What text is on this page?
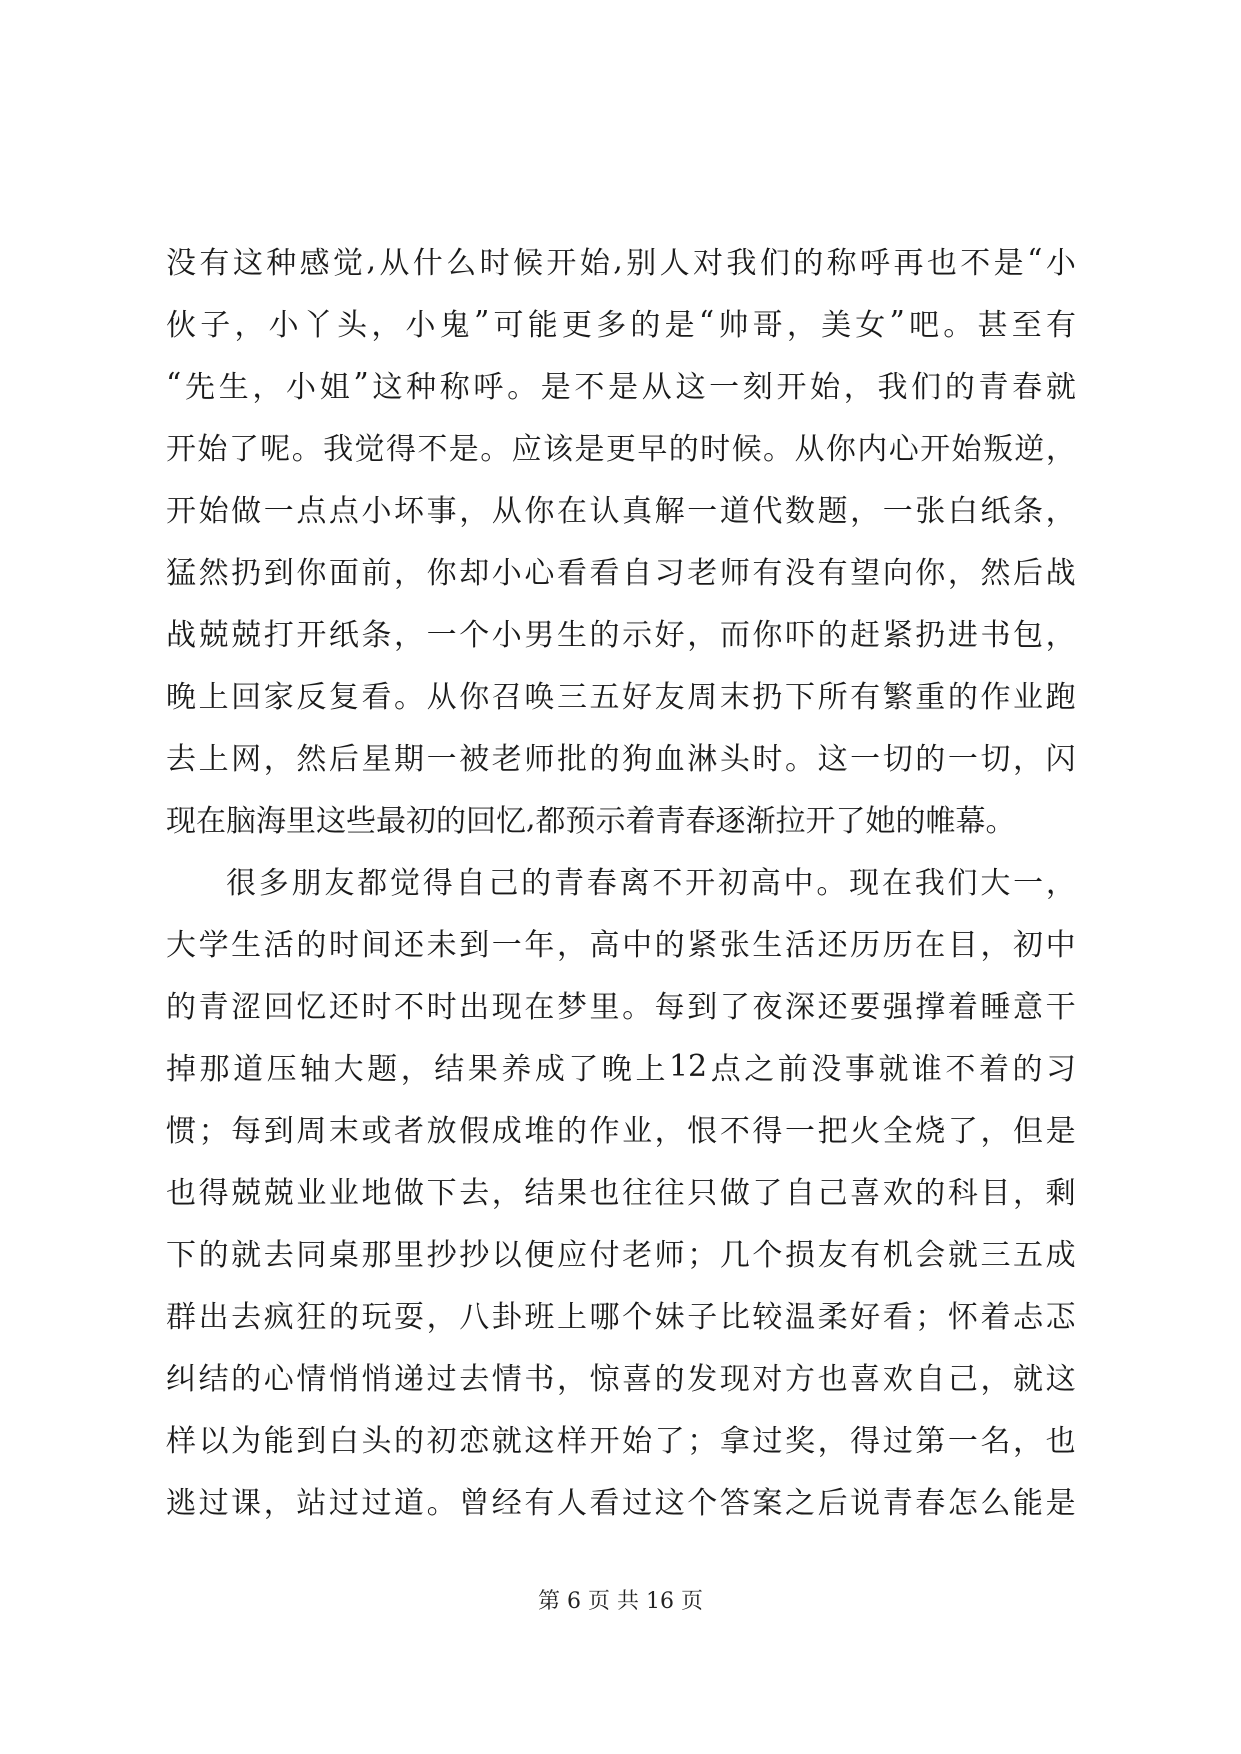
没 有 这 种 感 觉 , 从 什 么 时 候 开 始 , 别 人 对 我 们 的 称 呼 再 也 不 是 “ 小
伙 子 ， 小 丫 头 ， 小 鬼 ” 可 能 更 多 的 是 “ 帅 哥 ， 美 女 ” 吧 。 甚 至 有
“ 先 生 ， 小 姐 ” 这 种 称 呼 。 是 不 是 从 这 一 刻 开 始 ， 我 们 的 青 春 就
开 始 了 呢 。 我 觉 得 不 是 。 应 该 是 更 早 的 时 候 。 从 你 内 心 开 始 叛 逆 ，
开 始 做 一 点 点 小 坏 事 ， 从 你 在 认 真 解 一 道 代 数 题 ， 一 张 白 纸 条 ，
猛 然 扔 到 你 面 前 ， 你 却 小 心 看 看 自 习 老 师 有 没 有 望 向 你 ， 然 后 战
战 兢 兢 打 开 纸 条 ， 一 个 小 男 生 的 示 好 ， 而 你 吓 的 赶 紧 扔 进 书 包 ，
晚 上 回 家 反 复 看 。 从 你 召 唤 三 五 好 友 周 末 扔 下 所 有 繁 重 的 作 业 跑
去 上 网 ， 然 后 星 期 一 被 老 师 批 的 狗 血 淋 头 时 。 这 一 切 的 一 切 ， 闪
现 在 脑 海 里 这 些 最 初 的 回 忆 , 都 预 示 着 青 春 逐 渐 拉 开 了 她 的 帷 幕 。
很 多 朋 友 都 觉 得 自 己 的 青 春 离 不 开 初 高 中 。 现 在 我 们 大 一 ，
大 学 生 活 的 时 间 还 未 到 一 年 ， 高 中 的 紧 张 生 活 还 历 历 在 目 ， 初 中
的 青 涩 回 忆 还 时 不 时 出 现 在 梦 里 。 每 到 了 夜 深 还 要 强 撑 着 睡 意 干
掉 那 道 压 轴 大 题 ， 结 果 养 成 了 晚 上 12 点 之 前 没 事 就 谁 不 着 的 习
惯 ； 每 到 周 末 或 者 放 假 成 堆 的 作 业 ， 恨 不 得 一 把 火 全 烧 了 ， 但 是
也 得 兢 兢 业 业 地 做 下 去 ， 结 果 也 往 往 只 做 了 自 己 喜 欢 的 科 目 ， 剩
下 的 就 去 同 桌 那 里 抄 抄 以 便 应 付 老 师 ； 几 个 损 友 有 机 会 就 三 五 成
群 出 去 疯 狂 的 玩 耍 ， 八 卦 班 上 哪 个 妹 子 比 较 温 柔 好 看 ； 怀 着 忐 忑
纠 结 的 心 情 悄 悄 递 过 去 情 书 ， 惊 喜 的 发 现 对 方 也 喜 欢 自 己 ， 就 这
样 以 为 能 到 白 头 的 初 恋 就 这 样 开 始 了 ； 拿 过 奖 ， 得 过 第 一 名 ， 也
逃 过 课 ， 站 过 过 道 。 曾 经 有 人 看 过 这 个 答 案 之 后 说 青 春 怎 么 能 是
第 6 页 共 16 页
